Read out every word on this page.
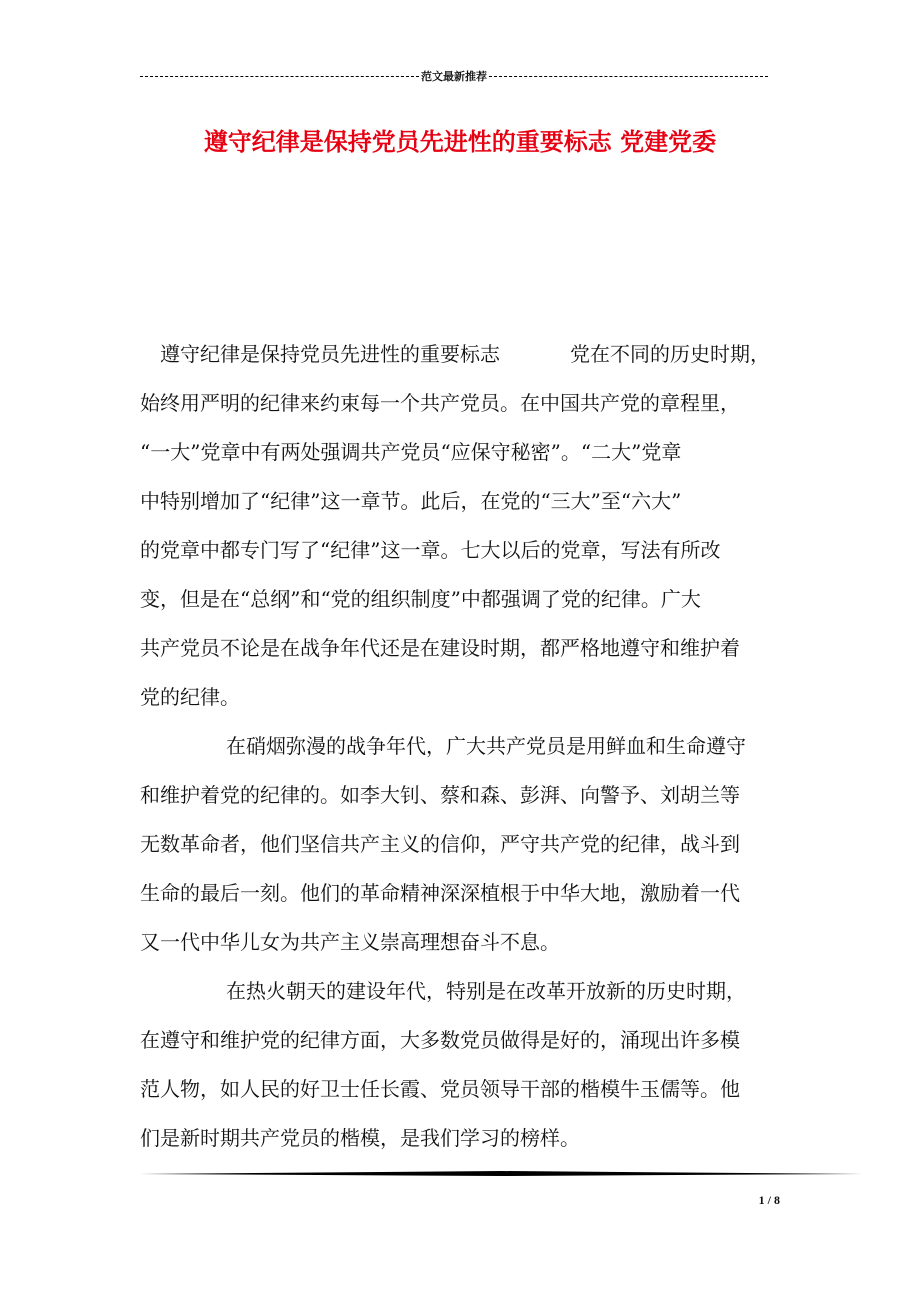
范文最新推荐
遵守纪律是保持党员先进性的重要标志 党建党委
遵守纪律是保持党员先进性的重要标志	党在不同的历史时期，
始终用严明的纪律来约束每一个共产党员。在中国共产党的章程里，
“一大”党章中有两处强调共产党员“应保守秘密”。“二大”党章
中特别增加了“纪律”这一章节。此后，在党的“三大”至“六大”
的党章中都专门写了“纪律”这一章。七大以后的党章，写法有所改
变，但是在“总纲”和“党的组织制度”中都强调了党的纪律。广大
共产党员不论是在战争年代还是在建设时期，都严格地遵守和维护着
党的纪律。
在硝烟弥漫的战争年代，广大共产党员是用鲜血和生命遵守
和维护着党的纪律的。如李大钊、蔡和森、彭湃、向警予、刘胡兰等
无数革命者，他们坚信共产主义的信仰，严守共产党的纪律，战斗到
生命的最后一刻。他们的革命精神深深植根于中华大地，激励着一代
又一代中华儿女为共产主义崇高理想奋斗不息。
在热火朝天的建设年代，特别是在改革开放新的历史时期，
在遵守和维护党的纪律方面，大多数党员做得是好的，涌现出许多模
范人物，如人民的好卫士任长霞、党员领导干部的楷模牛玉儒等。他
们是新时期共产党员的楷模，是我们学习的榜样。
1 / 8
